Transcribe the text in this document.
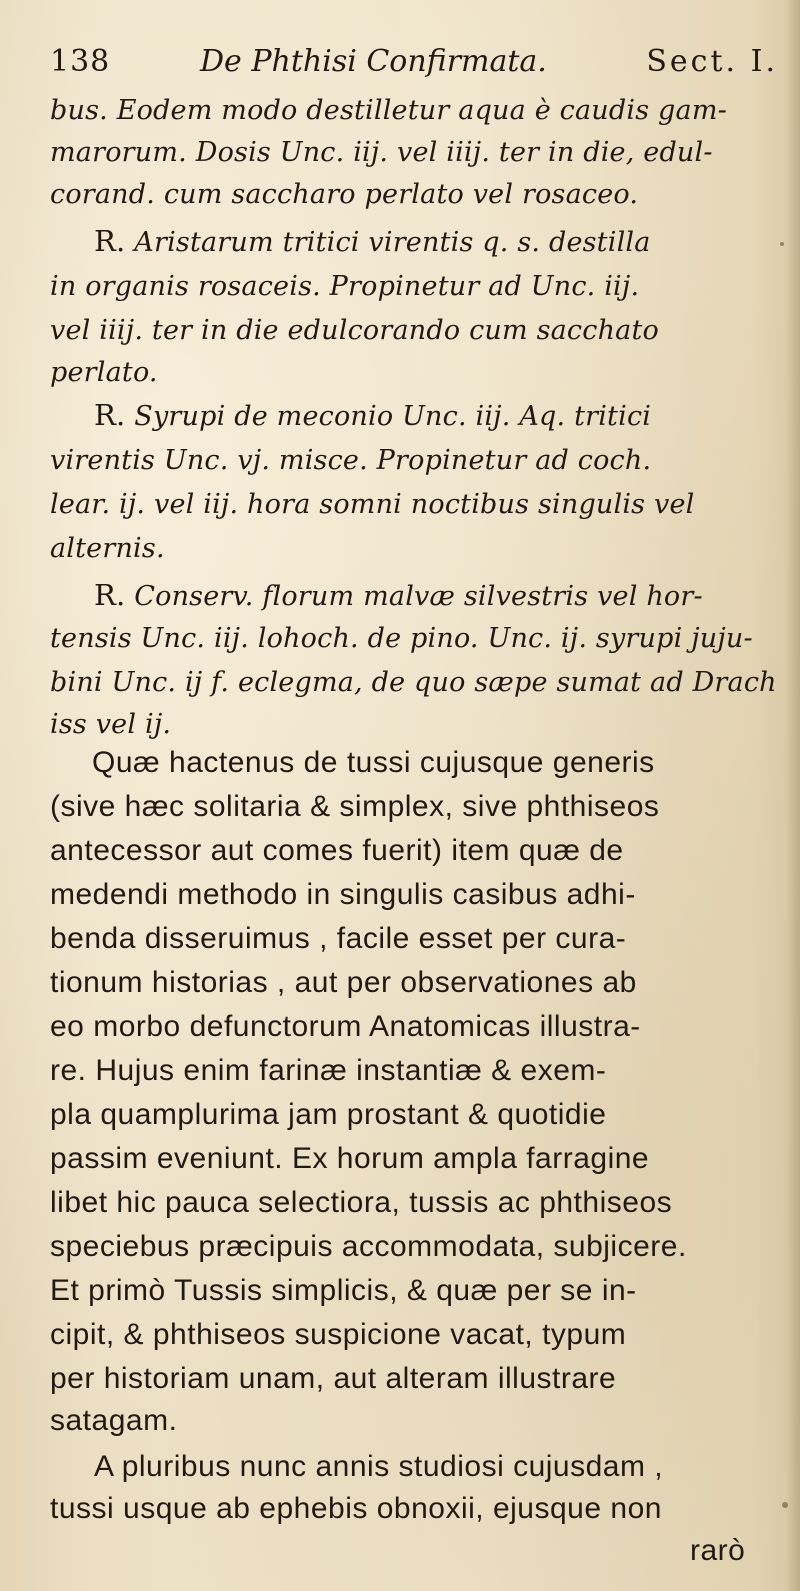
138	De Phthisi Confirmata.	Sect. I.
bus. Eodem modo destilletur aqua è caudis gam-
marorum. Dosis Unc. iij. vel iiij. ter in die, edul-
corand. cum saccharo perlato vel rosaceo.
R. Aristarum tritici virentis q. s. destilla
in organis rosaceis. Propinetur ad Unc. iij.
vel iiij. ter in die edulcorando cum sacchato
perlato.
R. Syrupi de meconio Unc. iij. Aq. tritici
virentis Unc. vj. misce. Propinetur ad coch.
lear. ij. vel iij. hora somni noctibus singulis vel
alternis.
R. Conserv. florum malvæ silvestris vel hor-
tensis Unc. iij. lohoch. de pino. Unc. ij. syrupi juju-
bini Unc. ij f. eclegma, de quo sæpe sumat ad Drach
iss vel ij.
Quæ hactenus de tussi cujusque generis
(sive hæc solitaria & simplex, sive phthiseos
antecessor aut comes fuerit) item quæ de
medendi methodo in singulis casibus adhi-
benda disseruimus , facile esset per cura-
tionum historias , aut per observationes ab
eo morbo defunctorum Anatomicas illustra-
re. Hujus enim farinæ instantiæ & exem-
pla quamplurima jam prostant & quotidie
passim eveniunt. Ex horum ampla farragine
libet hic pauca selectiora, tussis ac phthiseos
speciebus præcipuis accommodata, subjicere.
Et primò Tussis simplicis, & quæ per se in-
cipit, & phthiseos suspicione vacat, typum
per historiam unam, aut alteram illustrare
satagam.
A pluribus nunc annis studiosi cujusdam ,
tussi usque ab ephebis obnoxii, ejusque non
rarò
